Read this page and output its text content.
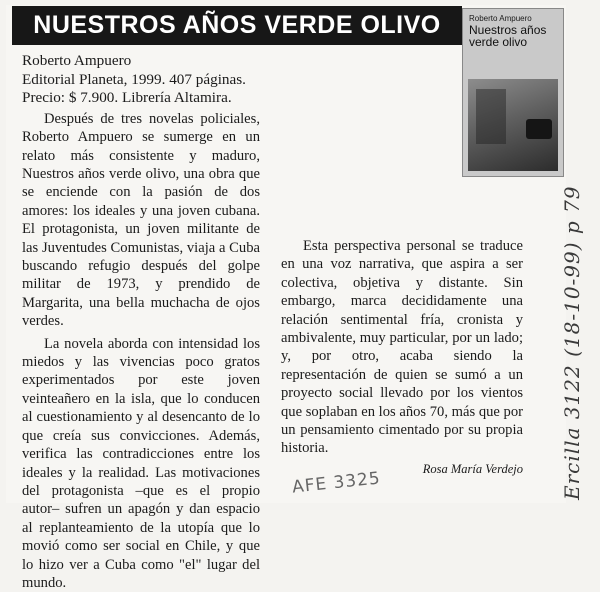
NUESTROS AÑOS VERDE OLIVO	Roberto Ampuero
Nuestros años
verde olivo
Roberto Ampuero
Editorial Planeta, 1999. 407 páginas.
Precio: $ 7.900. Librería Altamira.

Después de tres novelas policiales, Roberto Ampuero se sumerge en un relato más consistente y maduro, Nuestros años verde olivo, una obra que se enciende con la pasión de dos amores: los ideales y una joven cubana. El protagonista, un joven militante de las Juventudes Comunistas, viaja a Cuba buscando refugio después del golpe militar de 1973, y prendido de Margarita, una bella muchacha de ojos verdes.

La novela aborda con intensidad los miedos y las vivencias poco gratos experimentados por este joven veinteañero en la isla, que lo conducen al cuestionamiento y al desencanto de lo que creía sus convicciones. Además, verifica las contradicciones entre los ideales y la realidad. Las motivaciones del protagonista –que es el propio autor– sufren un apagón y dan espacio al replanteamiento de la utopía que lo movió como ser social en Chile, y que lo hizo ver a Cuba como "el" lugar del mundo.

Esta perspectiva personal se traduce en una voz narrativa, que aspira a ser colectiva, objetiva y distante. Sin embargo, marca decididamente una relación sentimental fría, cronista y ambivalente, muy particular, por un lado; y, por otro, acaba siendo la representación de quien se sumó a un proyecto social llevado por los vientos que soplaban en los años 70, más que por un pensamiento cimentado por su propia historia.

Rosa María Verdejo Ercilla 3122 (18-10-99) p 79
AFE 3325
